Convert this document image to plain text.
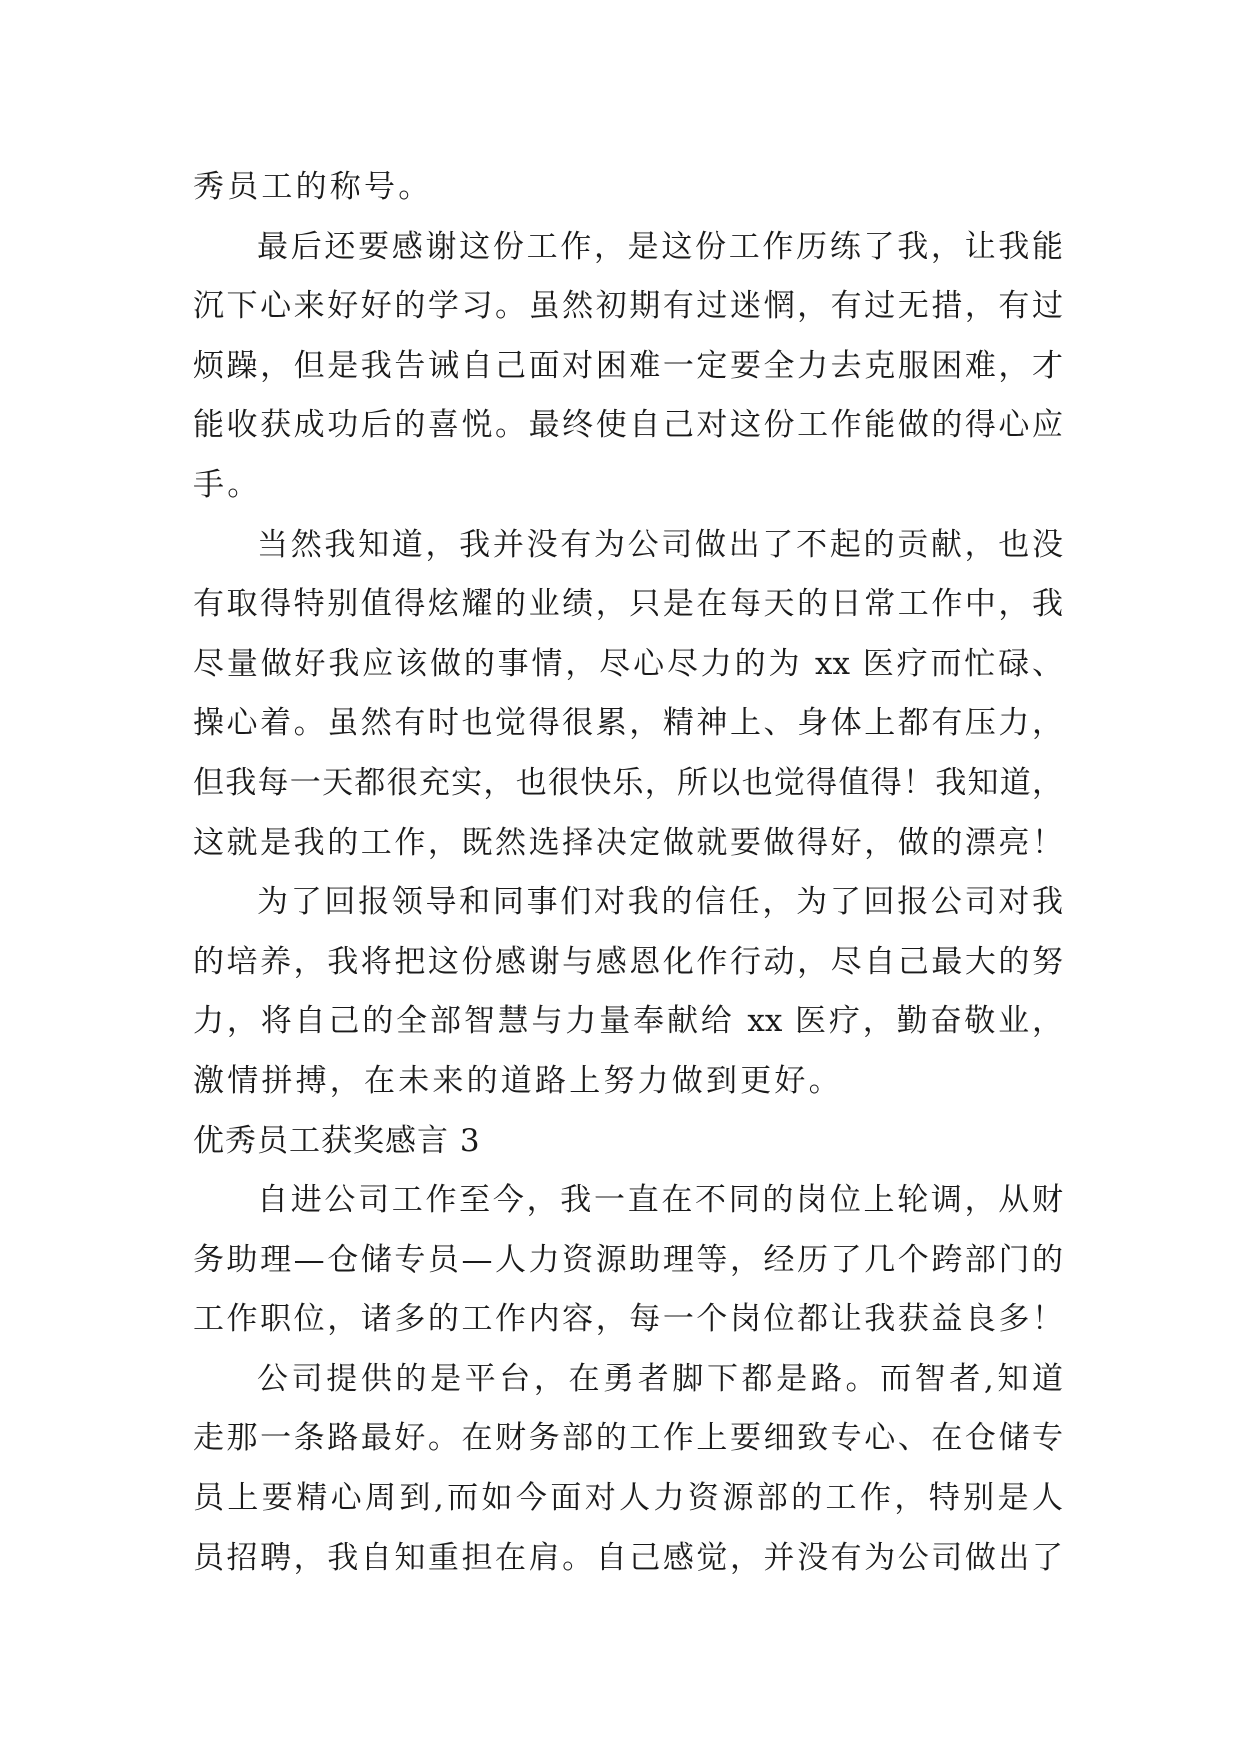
秀员工的称号。
最后还要感谢这份工作，是这份工作历练了我，让我能
沉下心来好好的学习。虽然初期有过迷惘，有过无措，有过
烦躁，但是我告诫自己面对困难一定要全力去克服困难，才
能收获成功后的喜悦。最终使自己对这份工作能做的得心应
手。
当然我知道，我并没有为公司做出了不起的贡献，也没
有取得特别值得炫耀的业绩，只是在每天的日常工作中，我
尽量做好我应该做的事情，尽心尽力的为 xx 医疗而忙碌、
操心着。虽然有时也觉得很累，精神上、身体上都有压力，
但我每一天都很充实，也很快乐，所以也觉得值得！我知道，
这就是我的工作，既然选择决定做就要做得好，做的漂亮！
为了回报领导和同事们对我的信任，为了回报公司对我
的培养，我将把这份感谢与感恩化作行动，尽自己最大的努
力，将自己的全部智慧与力量奉献给 xx 医疗，勤奋敬业，
激情拼搏，在未来的道路上努力做到更好。
优秀员工获奖感言 3
自进公司工作至今，我一直在不同的岗位上轮调，从财
务助理—仓储专员—人力资源助理等，经历了几个跨部门的
工作职位，诸多的工作内容，每一个岗位都让我获益良多！
公司提供的是平台，在勇者脚下都是路。而智者,知道
走那一条路最好。在财务部的工作上要细致专心、在仓储专
员上要精心周到,而如今面对人力资源部的工作，特别是人
员招聘，我自知重担在肩。自己感觉，并没有为公司做出了
